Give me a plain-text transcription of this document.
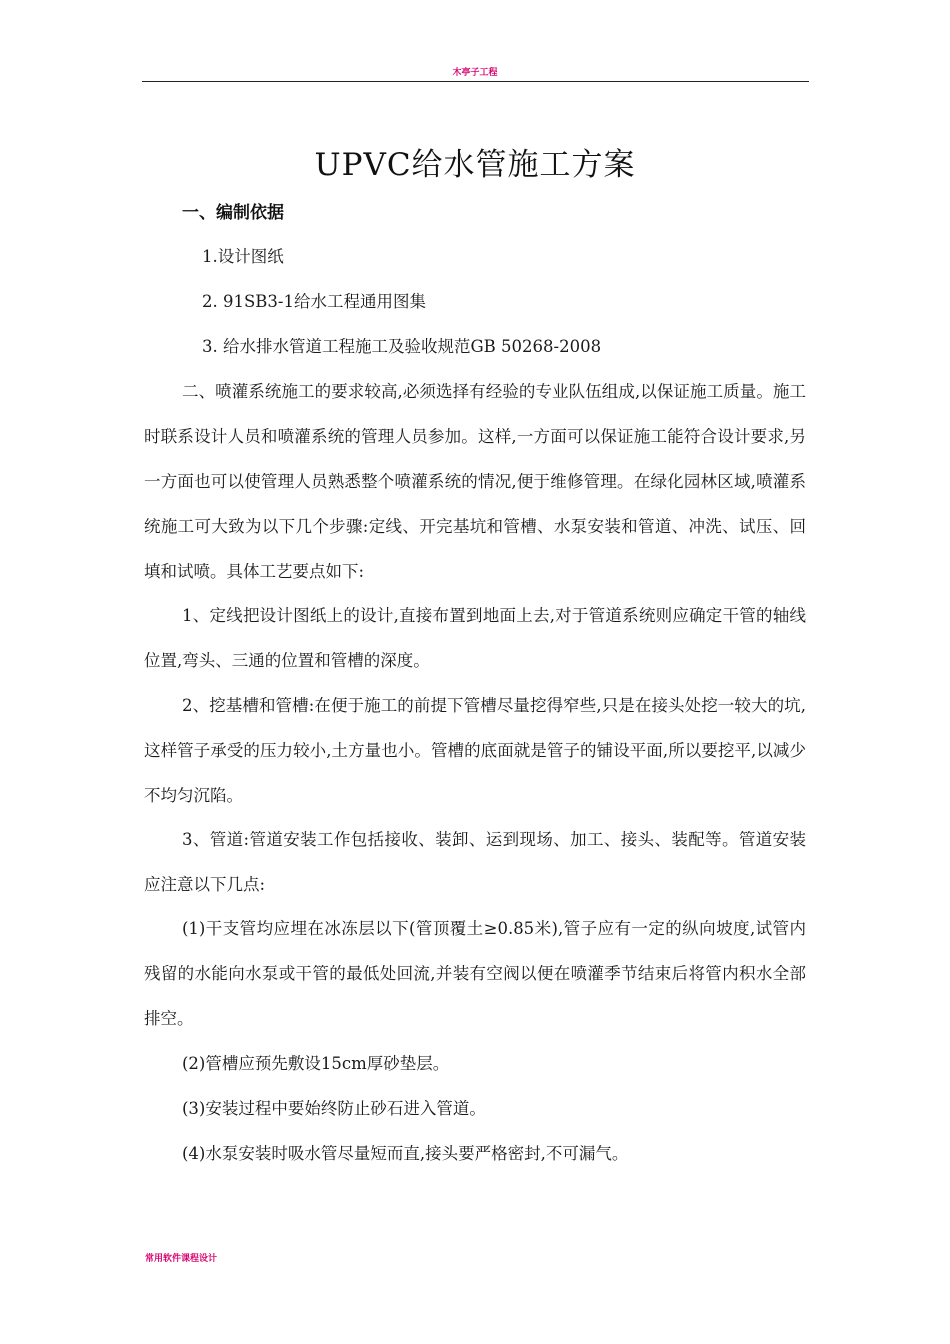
木亭子工程
UPVC给水管施工方案
一、编制依据
1.设计图纸
2. 91SB3-1给水工程通用图集
3. 给水排水管道工程施工及验收规范GB 50268-2008

二、喷灌系统施工的要求较高,必须选择有经验的专业队伍组成,以保证施工质量。施工时联系设计人员和喷灌系统的管理人员参加。这样,一方面可以保证施工能符合设计要求,另一方面也可以使管理人员熟悉整个喷灌系统的情况,便于维修管理。在绿化园林区域,喷灌系统施工可大致为以下几个步骤:定线、开完基坑和管槽、水泵安装和管道、冲洗、试压、回填和试喷。具体工艺要点如下:

1、定线把设计图纸上的设计,直接布置到地面上去,对于管道系统则应确定干管的轴线位置,弯头、三通的位置和管槽的深度。

2、挖基槽和管槽:在便于施工的前提下管槽尽量挖得窄些,只是在接头处挖一较大的坑,这样管子承受的压力较小,土方量也小。管槽的底面就是管子的铺设平面,所以要挖平,以减少不均匀沉陷。

3、管道:管道安装工作包括接收、装卸、运到现场、加工、接头、装配等。管道安装应注意以下几点:

(1)干支管均应埋在冰冻层以下(管顶覆土≥0.85米),管子应有一定的纵向坡度,试管内残留的水能向水泵或干管的最低处回流,并装有空阀以便在喷灌季节结束后将管内积水全部排空。

(2)管槽应预先敷设15cm厚砂垫层。
(3)安装过程中要始终防止砂石进入管道。
(4)水泵安装时吸水管尽量短而直,接头要严格密封,不可漏气。
常用软件课程设计
